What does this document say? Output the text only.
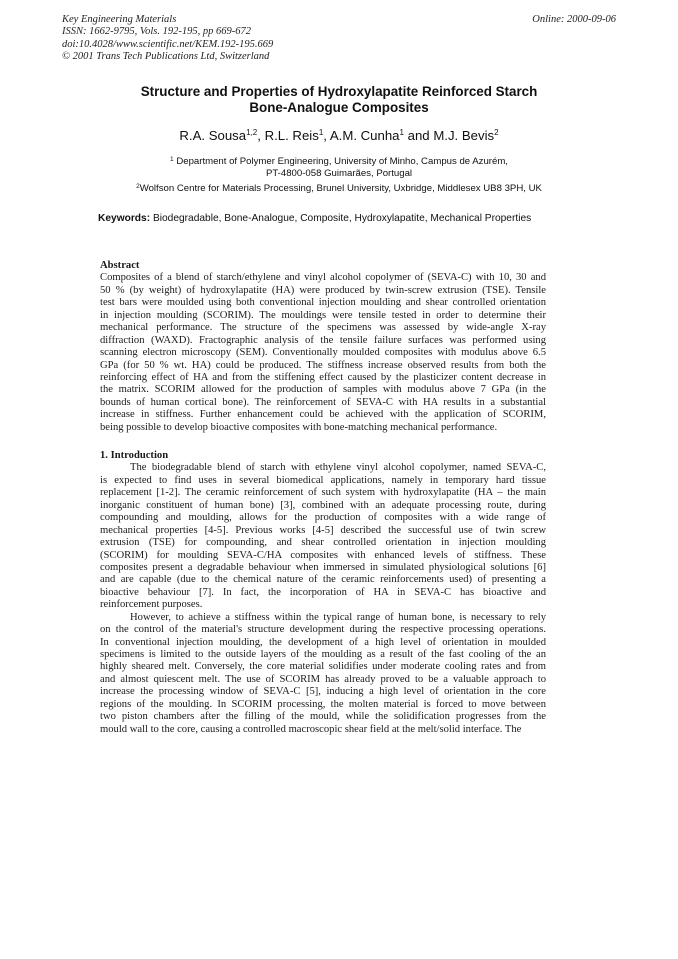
Key Engineering Materials
ISSN: 1662-9795, Vols. 192-195, pp 669-672
doi:10.4028/www.scientific.net/KEM.192-195.669
© 2001 Trans Tech Publications Ltd, Switzerland
Online: 2000-09-06
Structure and Properties of Hydroxylapatite Reinforced Starch
Bone-Analogue Composites
R.A. Sousa$^{1,2}$, R.L. Reis$^1$, A.M. Cunha$^1$ and M.J. Bevis$^2$
$^1$ Department of Polymer Engineering, University of Minho, Campus de Azurém,
PT-4800-058 Guimarães, Portugal
$^2$Wolfson Centre for Materials Processing, Brunel University, Uxbridge, Middlesex UB8 3PH, UK
Keywords: Biodegradable, Bone-Analogue, Composite, Hydroxylapatite, Mechanical Properties
Abstract
Composites of a blend of starch/ethylene and vinyl alcohol copolymer of (SEVA-C) with 10, 30 and
50 % (by weight) of hydroxylapatite (HA) were produced by twin-screw extrusion (TSE). Tensile
test bars were moulded using both conventional injection moulding and shear controlled orientation
in injection moulding (SCORIM). The mouldings were tensile tested in order to determine their
mechanical performance. The structure of the specimens was assessed by wide-angle X-ray
diffraction (WAXD). Fractographic analysis of the tensile failure surfaces was performed using
scanning electron microscopy (SEM). Conventionally moulded composites with modulus above 6.5
GPa (for 50 % wt. HA) could be produced. The stiffness increase observed results from both the
reinforcing effect of HA and from the stiffening effect caused by the plasticizer content decrease in
the matrix. SCORIM allowed for the production of samples with modulus above 7 GPa (in the
bounds of human cortical bone). The reinforcement of SEVA-C with HA results in a substantial
increase in stiffness. Further enhancement could be achieved with the application of SCORIM,
being possible to develop bioactive composites with bone-matching mechanical performance.
1. Introduction
The biodegradable blend of starch with ethylene vinyl alcohol copolymer, named SEVA-C,
is expected to find uses in several biomedical applications, namely in temporary hard tissue
replacement [1-2]. The ceramic reinforcement of such system with hydroxylapatite (HA – the main
inorganic constituent of human bone) [3], combined with an adequate processing route, during
compounding and moulding, allows for the production of composites with a wide range of
mechanical properties [4-5]. Previous works [4-5] described the successful use of twin screw
extrusion (TSE) for compounding, and shear controlled orientation in injection moulding
(SCORIM) for moulding SEVA-C/HA composites with enhanced levels of stiffness. These
composites present a degradable behaviour when immersed in simulated physiological solutions [6]
and are capable (due to the chemical nature of the ceramic reinforcements used) of presenting a
bioactive behaviour [7]. In fact, the incorporation of HA in SEVA-C has bioactive and
reinforcement purposes.
However, to achieve a stiffness within the typical range of human bone, is necessary to rely
on the control of the material's structure development during the respective processing operations.
In conventional injection moulding, the development of a high level of orientation in moulded
specimens is limited to the outside layers of the moulding as a result of the fast cooling of the an
highly sheared melt. Conversely, the core material solidifies under moderate cooling rates and from
and almost quiescent melt. The use of SCORIM has already proved to be a valuable approach to
increase the processing window of SEVA-C [5], inducing a high level of orientation in the core
regions of the moulding. In SCORIM processing, the molten material is forced to move between
two piston chambers after the filling of the mould, while the solidification progresses from the
mould wall to the core, causing a controlled macroscopic shear field at the melt/solid interface. The
